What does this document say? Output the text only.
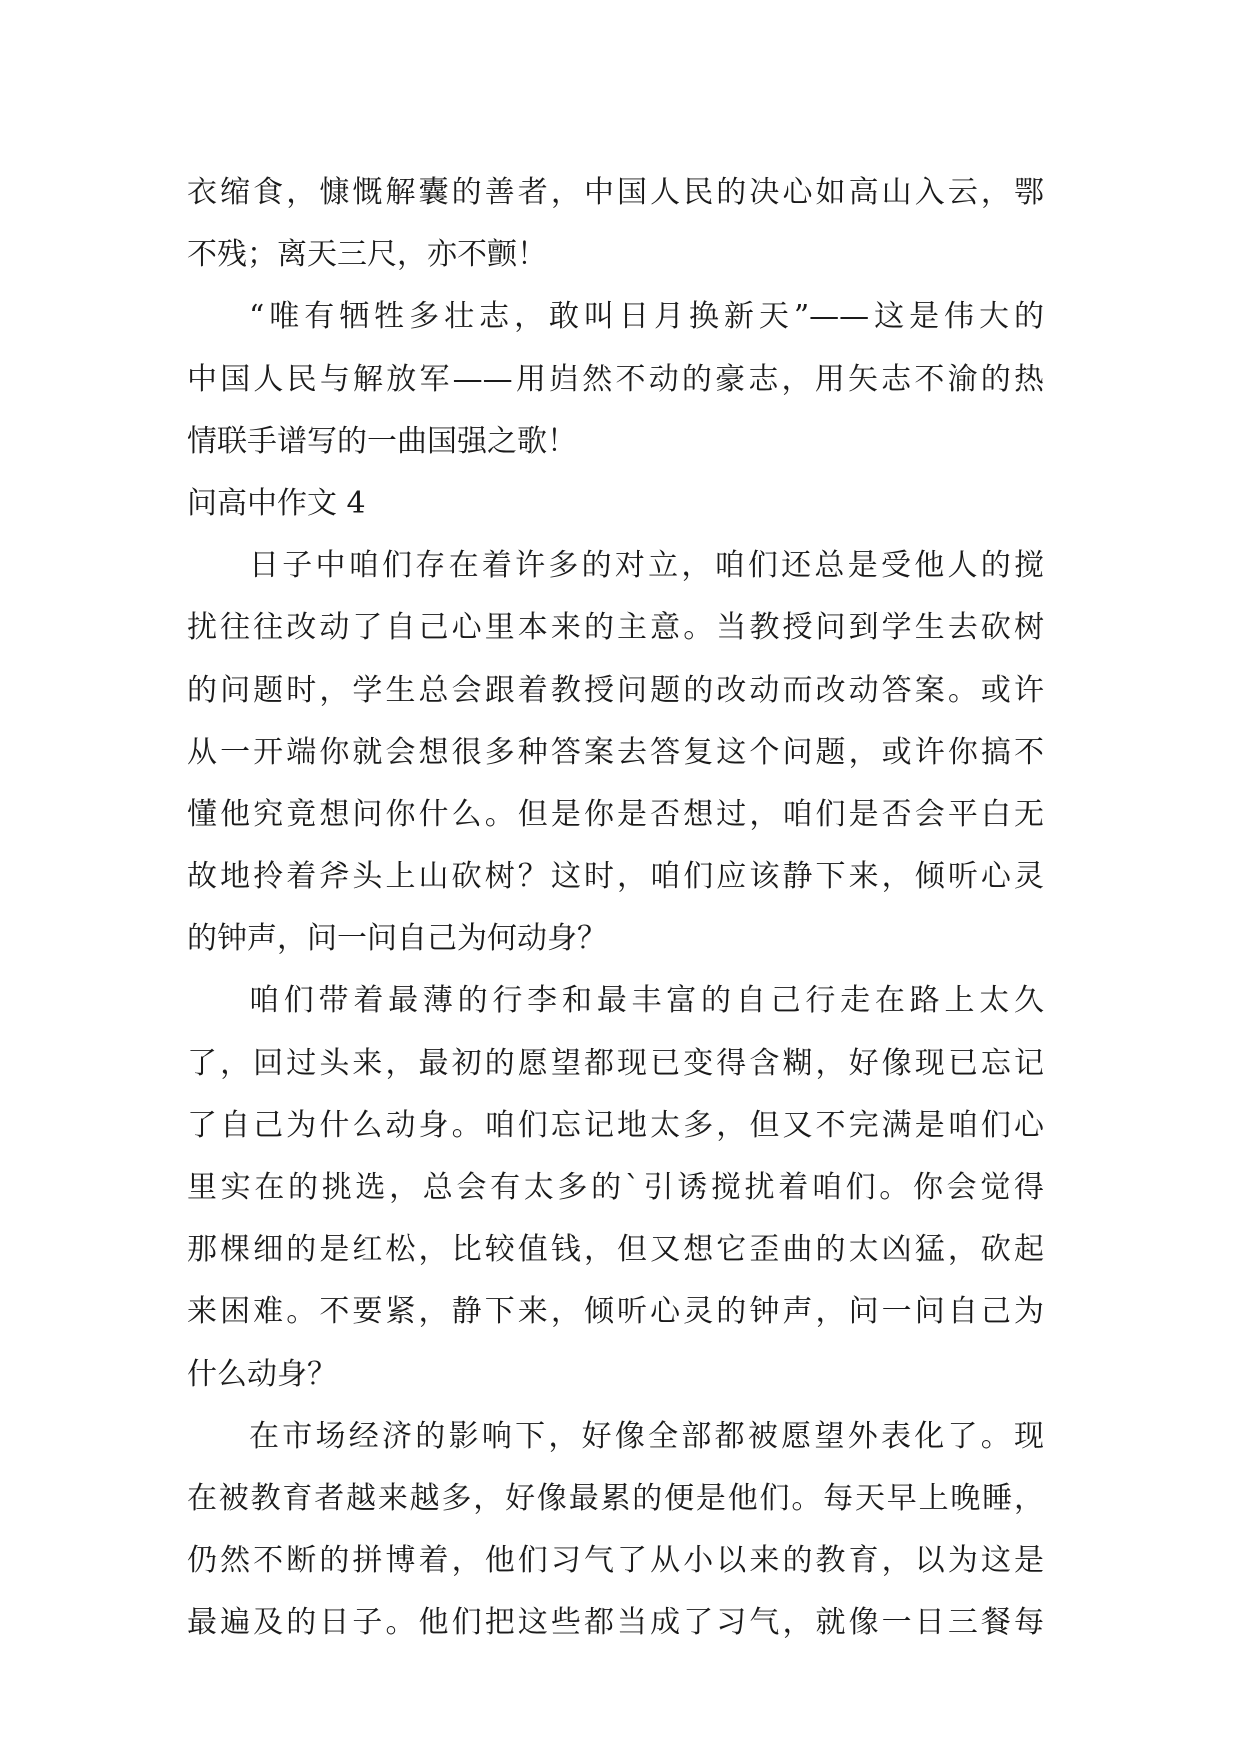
衣缩食，慷慨解囊的善者，中国人民的决心如高山入云，鄂
不残；离天三尺，亦不颤！
“唯有牺牲多壮志，敢叫日月换新天”——这是伟大的
中国人民与解放军——用岿然不动的豪志，用矢志不渝的热
情联手谱写的一曲国强之歌！
问高中作文 4
日子中咱们存在着许多的对立，咱们还总是受他人的搅
扰往往改动了自己心里本来的主意。当教授问到学生去砍树
的问题时，学生总会跟着教授问题的改动而改动答案。或许
从一开端你就会想很多种答案去答复这个问题，或许你搞不
懂他究竟想问你什么。但是你是否想过，咱们是否会平白无
故地拎着斧头上山砍树？这时，咱们应该静下来，倾听心灵
的钟声，问一问自己为何动身？
咱们带着最薄的行李和最丰富的自己行走在路上太久
了，回过头来，最初的愿望都现已变得含糊，好像现已忘记
了自己为什么动身。咱们忘记地太多，但又不完满是咱们心
里实在的挑选，总会有太多的`引诱搅扰着咱们。你会觉得
那棵细的是红松，比较值钱，但又想它歪曲的太凶猛，砍起
来困难。不要紧，静下来，倾听心灵的钟声，问一问自己为
什么动身？
在市场经济的影响下，好像全部都被愿望外表化了。现
在被教育者越来越多，好像最累的便是他们。每天早上晚睡，
仍然不断的拼博着，他们习气了从小以来的教育，以为这是
最遍及的日子。他们把这些都当成了习气，就像一日三餐每
